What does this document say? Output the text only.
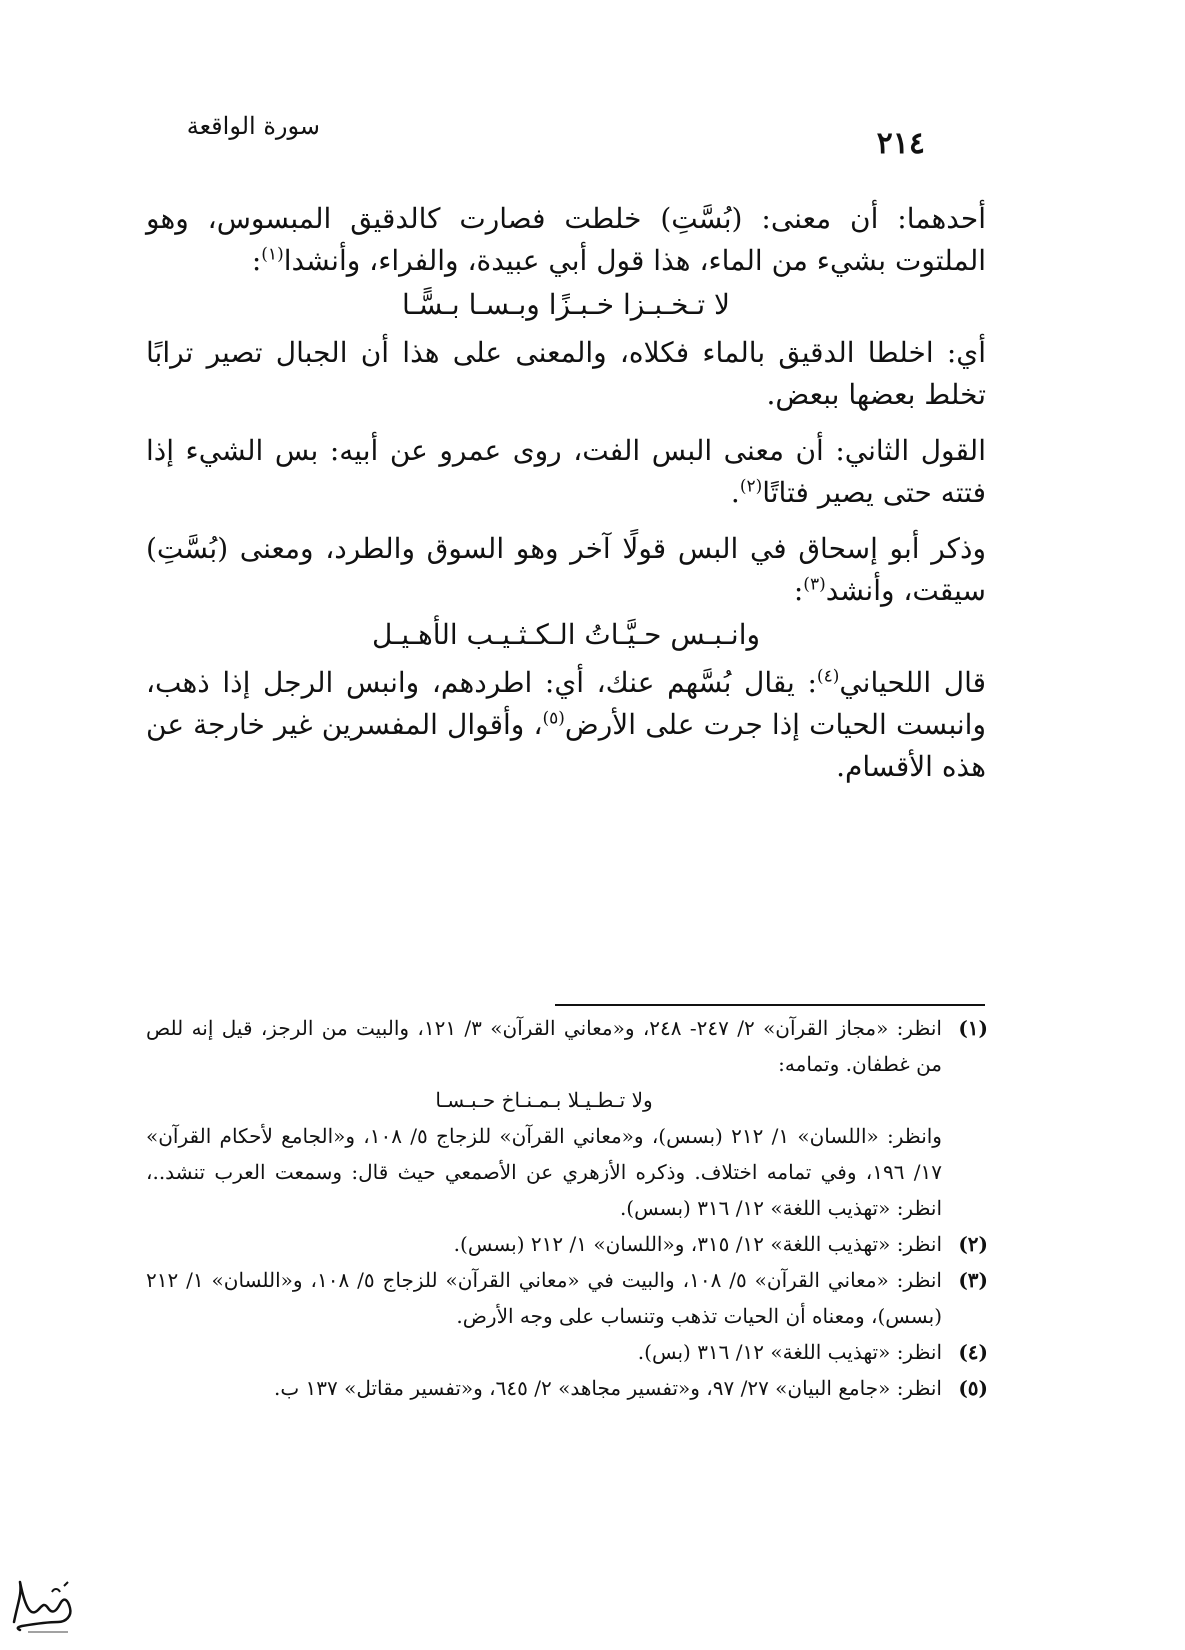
سورة الواقعة	٢١٤

أحدهما: أن معنى: (بُسَّتِ) خلطت فصارت كالدقيق المبسوس، وهو الملتوت بشيء من الماء، هذا قول أبي عبيدة، والفراء، وأنشدا$^{(١)}$:

لا تـخـبـزا خـبـزًا وبـسـا بـسًّـا

أي: اخلطا الدقيق بالماء فكلاه، والمعنى على هذا أن الجبال تصير ترابًا تخلط بعضها ببعض.

القول الثاني: أن معنى البس الفت، روى عمرو عن أبيه: بس الشيء إذا فتته حتى يصير فتاتًا$^{(٢)}$.

وذكر أبو إسحاق في البس قولًا آخر وهو السوق والطرد، ومعنى (بُسَّتِ) سيقت، وأنشد$^{(٣)}$:

وانـبـس حـيَّـاتُ الـكـثـيـب الأهـيـل

قال اللحياني$^{(٤)}$: يقال بُسَّهم عنك، أي: اطردهم، وانبس الرجل إذا ذهب، وانبست الحيات إذا جرت على الأرض$^{(٥)}$، وأقوال المفسرين غير خارجة عن هذه الأقسام.

(١)

انظر: «مجاز القرآن» ٢/ ٢٤٧- ٢٤٨، و«معاني القرآن» ٣/ ١٢١، والبيت من الرجز، قيل إنه للص من غطفان. وتمامه:

ولا تـطـيـلا بـمـنـاخ حـبـسـا

وانظر: «اللسان» ١/ ٢١٢ (بسس)، و«معاني القرآن» للزجاج ٥/ ١٠٨، و«الجامع لأحكام القرآن» ١٧/ ١٩٦، وفي تمامه اختلاف. وذكره الأزهري عن الأصمعي حيث قال: وسمعت العرب تنشد..، انظر: «تهذيب اللغة» ١٢/ ٣١٦ (بسس).

(٢)

انظر: «تهذيب اللغة» ١٢/ ٣١٥، و«اللسان» ١/ ٢١٢ (بسس).

(٣)

انظر: «معاني القرآن» ٥/ ١٠٨، والبيت في «معاني القرآن» للزجاج ٥/ ١٠٨، و«اللسان» ١/ ٢١٢ (بسس)، ومعناه أن الحيات تذهب وتنساب على وجه الأرض.

(٤)

انظر: «تهذيب اللغة» ١٢/ ٣١٦ (بس).

(٥)

انظر: «جامع البيان» ٢٧/ ٩٧، و«تفسير مجاهد» ٢/ ٦٤٥، و«تفسير مقاتل» ١٣٧ ب.
